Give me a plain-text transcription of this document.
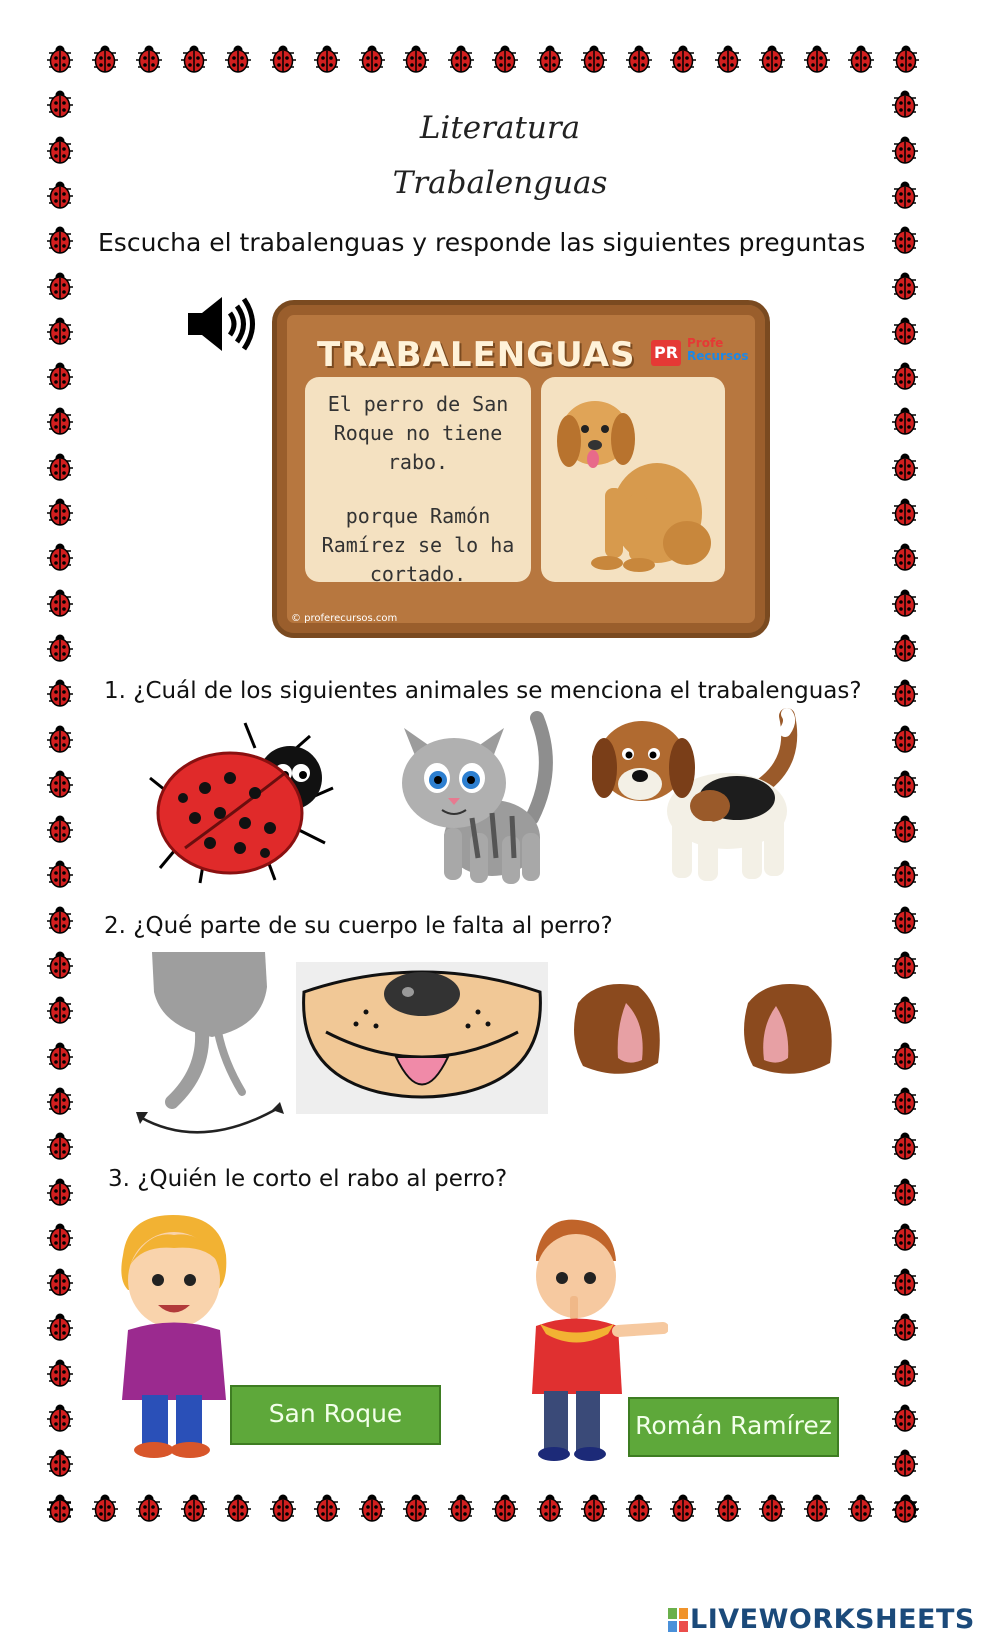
Literatura
Trabalenguas
Escucha el trabalenguas y responde las siguientes preguntas
TRABALENGUAS PR Profe
Recursos
El perro de San
Roque no tiene rabo.
porque Ramón
Ramírez se lo ha
cortado.
© proferecursos.com
1. ¿Cuál de los siguientes animales se menciona el trabalenguas?
2. ¿Qué parte de su cuerpo le falta al perro?
3. ¿Quién le corto el rabo al perro?
San Roque	Román Ramírez
LIVEWORKSHEETS
